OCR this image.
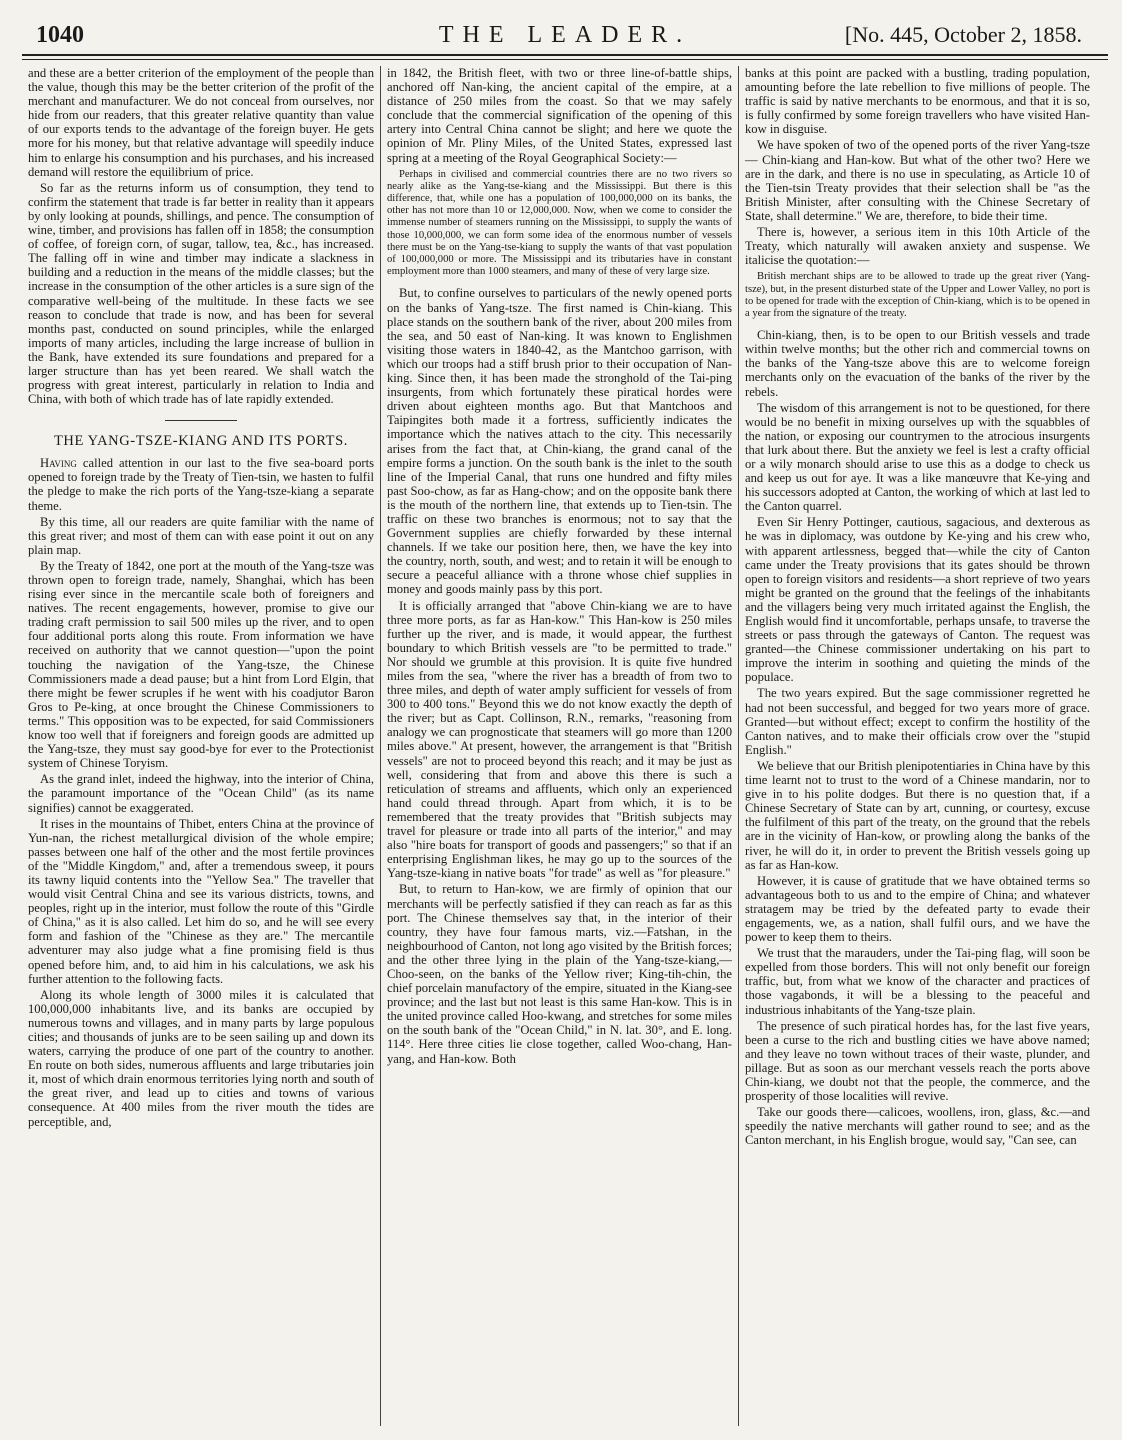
1040	THE LEADER.	[No. 445, October 2, 1858.

and these are a better criterion of the employment of the people than the value, though this may be the better criterion of the profit of the merchant and manufacturer. We do not conceal from ourselves, nor hide from our readers, that this greater relative quantity than value of our exports tends to the advantage of the foreign buyer. He gets more for his money, but that relative advantage will speedily induce him to enlarge his consumption and his purchases, and his increased demand will restore the equilibrium of price.

So far as the returns inform us of consumption, they tend to confirm the statement that trade is far better in reality than it appears by only looking at pounds, shillings, and pence. The consumption of wine, timber, and provisions has fallen off in 1858; the consumption of coffee, of foreign corn, of sugar, tallow, tea, &c., has increased. The falling off in wine and timber may indicate a slackness in building and a reduction in the means of the middle classes; but the increase in the consumption of the other articles is a sure sign of the comparative well-being of the multitude. In these facts we see reason to conclude that trade is now, and has been for several months past, conducted on sound principles, while the enlarged imports of many articles, including the large increase of bullion in the Bank, have extended its sure foundations and prepared for a larger structure than has yet been reared. We shall watch the progress with great interest, particularly in relation to India and China, with both of which trade has of late rapidly extended.

THE YANG-TSZE-KIANG AND ITS PORTS.

Having called attention in our last to the five sea-board ports opened to foreign trade by the Treaty of Tien-tsin, we hasten to fulfil the pledge to make the rich ports of the Yang-tsze-kiang a separate theme.

By this time, all our readers are quite familiar with the name of this great river; and most of them can with ease point it out on any plain map.

By the Treaty of 1842, one port at the mouth of the Yang-tsze was thrown open to foreign trade, namely, Shanghai, which has been rising ever since in the mercantile scale both of foreigners and natives. The recent engagements, however, promise to give our trading craft permission to sail 500 miles up the river, and to open four additional ports along this route. From information we have received on authority that we cannot question—"upon the point touching the navigation of the Yang-tsze, the Chinese Commissioners made a dead pause; but a hint from Lord Elgin, that there might be fewer scruples if he went with his coadjutor Baron Gros to Pe-king, at once brought the Chinese Commissioners to terms." This opposition was to be expected, for said Commissioners know too well that if foreigners and foreign goods are admitted up the Yang-tsze, they must say good-bye for ever to the Protectionist system of Chinese Toryism.

As the grand inlet, indeed the highway, into the interior of China, the paramount importance of the "Ocean Child" (as its name signifies) cannot be exaggerated.

It rises in the mountains of Thibet, enters China at the province of Yun-nan, the richest metallurgical division of the whole empire; passes between one half of the other and the most fertile provinces of the "Middle Kingdom," and, after a tremendous sweep, it pours its tawny liquid contents into the "Yellow Sea." The traveller that would visit Central China and see its various districts, towns, and peoples, right up in the interior, must follow the route of this "Girdle of China," as it is also called. Let him do so, and he will see every form and fashion of the "Chinese as they are." The mercantile adventurer may also judge what a fine promising field is thus opened before him, and, to aid him in his calculations, we ask his further attention to the following facts.

Along its whole length of 3000 miles it is calculated that 100,000,000 inhabitants live, and its banks are occupied by numerous towns and villages, and in many parts by large populous cities; and thousands of junks are to be seen sailing up and down its waters, carrying the produce of one part of the country to another. En route on both sides, numerous affluents and large tributaries join it, most of which drain enormous territories lying north and south of the great river, and lead up to cities and towns of various consequence. At 400 miles from the river mouth the tides are perceptible, and,

in 1842, the British fleet, with two or three line-of-battle ships, anchored off Nan-king, the ancient capital of the empire, at a distance of 250 miles from the coast. So that we may safely conclude that the commercial signification of the opening of this artery into Central China cannot be slight; and here we quote the opinion of Mr. Pliny Miles, of the United States, expressed last spring at a meeting of the Royal Geographical Society:—

Perhaps in civilised and commercial countries there are no two rivers so nearly alike as the Yang-tse-kiang and the Mississippi. But there is this difference, that, while one has a population of 100,000,000 on its banks, the other has not more than 10 or 12,000,000. Now, when we come to consider the immense number of steamers running on the Mississippi, to supply the wants of those 10,000,000, we can form some idea of the enormous number of vessels there must be on the Yang-tse-kiang to supply the wants of that vast population of 100,000,000 or more. The Mississippi and its tributaries have in constant employment more than 1000 steamers, and many of these of very large size.

But, to confine ourselves to particulars of the newly opened ports on the banks of Yang-tsze. The first named is Chin-kiang. This place stands on the southern bank of the river, about 200 miles from the sea, and 50 east of Nan-king. It was known to Englishmen visiting those waters in 1840-42, as the Mantchoo garrison, with which our troops had a stiff brush prior to their occupation of Nan-king. Since then, it has been made the stronghold of the Tai-ping insurgents, from which fortunately these piratical hordes were driven about eighteen months ago. But that Mantchoos and Taipingites both made it a fortress, sufficiently indicates the importance which the natives attach to the city. This necessarily arises from the fact that, at Chin-kiang, the grand canal of the empire forms a junction. On the south bank is the inlet to the south line of the Imperial Canal, that runs one hundred and fifty miles past Soo-chow, as far as Hang-chow; and on the opposite bank there is the mouth of the northern line, that extends up to Tien-tsin. The traffic on these two branches is enormous; not to say that the Government supplies are chiefly forwarded by these internal channels. If we take our position here, then, we have the key into the country, north, south, and west; and to retain it will be enough to secure a peaceful alliance with a throne whose chief supplies in money and goods mainly pass by this port.

It is officially arranged that "above Chin-kiang we are to have three more ports, as far as Han-kow." This Han-kow is 250 miles further up the river, and is made, it would appear, the furthest boundary to which British vessels are "to be permitted to trade." Nor should we grumble at this provision. It is quite five hundred miles from the sea, "where the river has a breadth of from two to three miles, and depth of water amply sufficient for vessels of from 300 to 400 tons." Beyond this we do not know exactly the depth of the river; but as Capt. Collinson, R.N., remarks, "reasoning from analogy we can prognosticate that steamers will go more than 1200 miles above." At present, however, the arrangement is that "British vessels" are not to proceed beyond this reach; and it may be just as well, considering that from and above this there is such a reticulation of streams and affluents, which only an experienced hand could thread through. Apart from which, it is to be remembered that the treaty provides that "British subjects may travel for pleasure or trade into all parts of the interior," and may also "hire boats for transport of goods and passengers;" so that if an enterprising Englishman likes, he may go up to the sources of the Yang-tsze-kiang in native boats "for trade" as well as "for pleasure."

But, to return to Han-kow, we are firmly of opinion that our merchants will be perfectly satisfied if they can reach as far as this port. The Chinese themselves say that, in the interior of their country, they have four famous marts, viz.—Fatshan, in the neighbourhood of Canton, not long ago visited by the British forces; and the other three lying in the plain of the Yang-tsze-kiang,—Choo-seen, on the banks of the Yellow river; King-tih-chin, the chief porcelain manufactory of the empire, situated in the Kiang-see province; and the last but not least is this same Han-kow. This is in the united province called Hoo-kwang, and stretches for some miles on the south bank of the "Ocean Child," in N. lat. 30°, and E. long. 114°. Here three cities lie close together, called Woo-chang, Han-yang, and Han-kow. Both

banks at this point are packed with a bustling, trading population, amounting before the late rebellion to five millions of people. The traffic is said by native merchants to be enormous, and that it is so, is fully confirmed by some foreign travellers who have visited Han-kow in disguise.

We have spoken of two of the opened ports of the river Yang-tsze — Chin-kiang and Han-kow. But what of the other two? Here we are in the dark, and there is no use in speculating, as Article 10 of the Tien-tsin Treaty provides that their selection shall be "as the British Minister, after consulting with the Chinese Secretary of State, shall determine." We are, therefore, to bide their time.

There is, however, a serious item in this 10th Article of the Treaty, which naturally will awaken anxiety and suspense. We italicise the quotation:—

British merchant ships are to be allowed to trade up the great river (Yang-tsze), but, in the present disturbed state of the Upper and Lower Valley, no port is to be opened for trade with the exception of Chin-kiang, which is to be opened in a year from the signature of the treaty.

Chin-kiang, then, is to be open to our British vessels and trade within twelve months; but the other rich and commercial towns on the banks of the Yang-tsze above this are to welcome foreign merchants only on the evacuation of the banks of the river by the rebels.

The wisdom of this arrangement is not to be questioned, for there would be no benefit in mixing ourselves up with the squabbles of the nation, or exposing our countrymen to the atrocious insurgents that lurk about there. But the anxiety we feel is lest a crafty official or a wily monarch should arise to use this as a dodge to check us and keep us out for aye. It was a like manœuvre that Ke-ying and his successors adopted at Canton, the working of which at last led to the Canton quarrel.

Even Sir Henry Pottinger, cautious, sagacious, and dexterous as he was in diplomacy, was outdone by Ke-ying and his crew who, with apparent artlessness, begged that—while the city of Canton came under the Treaty provisions that its gates should be thrown open to foreign visitors and residents—a short reprieve of two years might be granted on the ground that the feelings of the inhabitants and the villagers being very much irritated against the English, the English would find it uncomfortable, perhaps unsafe, to traverse the streets or pass through the gateways of Canton. The request was granted—the Chinese commissioner undertaking on his part to improve the interim in soothing and quieting the minds of the populace.

The two years expired. But the sage commissioner regretted he had not been successful, and begged for two years more of grace. Granted—but without effect; except to confirm the hostility of the Canton natives, and to make their officials crow over the "stupid English."

We believe that our British plenipotentiaries in China have by this time learnt not to trust to the word of a Chinese mandarin, nor to give in to his polite dodges. But there is no question that, if a Chinese Secretary of State can by art, cunning, or courtesy, excuse the fulfilment of this part of the treaty, on the ground that the rebels are in the vicinity of Han-kow, or prowling along the banks of the river, he will do it, in order to prevent the British vessels going up as far as Han-kow.

However, it is cause of gratitude that we have obtained terms so advantageous both to us and to the empire of China; and whatever stratagem may be tried by the defeated party to evade their engagements, we, as a nation, shall fulfil ours, and we have the power to keep them to theirs.

We trust that the marauders, under the Tai-ping flag, will soon be expelled from those borders. This will not only benefit our foreign traffic, but, from what we know of the character and practices of those vagabonds, it will be a blessing to the peaceful and industrious inhabitants of the Yang-tsze plain.

The presence of such piratical hordes has, for the last five years, been a curse to the rich and bustling cities we have above named; and they leave no town without traces of their waste, plunder, and pillage. But as soon as our merchant vessels reach the ports above Chin-kiang, we doubt not that the people, the commerce, and the prosperity of those localities will revive.

Take our goods there—calicoes, woollens, iron, glass, &c.—and speedily the native merchants will gather round to see; and as the Canton merchant, in his English brogue, would say, "Can see, can
